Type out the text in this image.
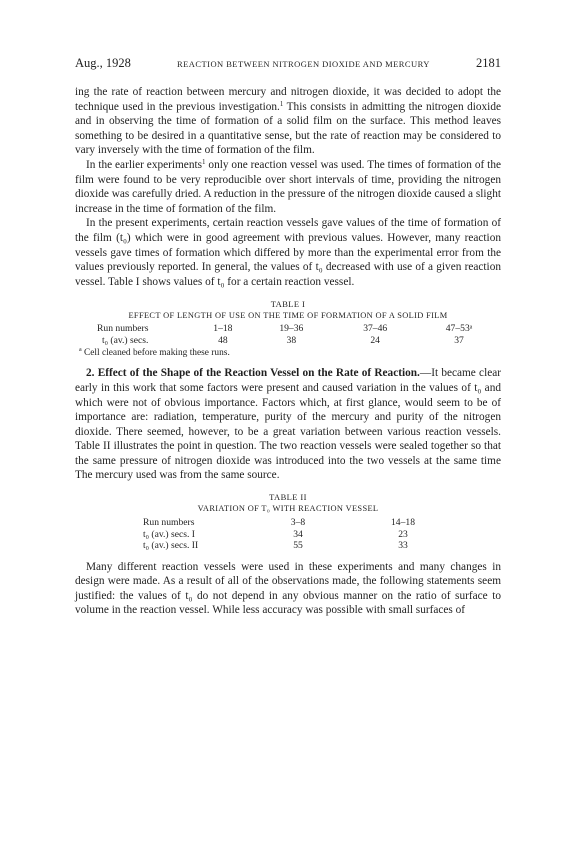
Aug., 1928	REACTION BETWEEN NITROGEN DIOXIDE AND MERCURY	2181

ing the rate of reaction between mercury and nitrogen dioxide, it was decided to adopt the technique used in the previous investigation.$^1$ This consists in admitting the nitrogen dioxide and in observing the time of formation of a solid film on the surface. This method leaves something to be desired in a quantitative sense, but the rate of reaction may be considered to vary inversely with the time of formation of the film.

In the earlier experiments$^1$ only one reaction vessel was used. The times of formation of the film were found to be very reproducible over short intervals of time, providing the nitrogen dioxide was carefully dried. A reduction in the pressure of the nitrogen dioxide caused a slight increase in the time of formation of the film.

In the present experiments, certain reaction vessels gave values of the time of formation of the film (t₀) which were in good agreement with previous values. However, many reaction vessels gave times of formation which differed by more than the experimental error from the values previously reported. In general, the values of t₀ decreased with use of a given reaction vessel. Table I shows values of t₀ for a certain reaction vessel.

TABLE I
EFFECT OF LENGTH OF USE ON THE TIME OF FORMATION OF A SOLID FILM
Run numbers	1–18	19–36	37–46	47–53ᵃ
t₀ (av.) secs.	48	38	24	37
$^a$ Cell cleaned before making these runs.

2. Effect of the Shape of the Reaction Vessel on the Rate of Reaction.—It became clear early in this work that some factors were present and caused variation in the values of t₀ and which were not of obvious importance. Factors which, at first glance, would seem to be of importance are: radiation, temperature, purity of the mercury and purity of the nitrogen dioxide. There seemed, however, to be a great variation between various reaction vessels. Table II illustrates the point in question. The two reaction vessels were sealed together so that the same pressure of nitrogen dioxide was introduced into the two vessels at the same time The mercury used was from the same source.

TABLE II
VARIATION OF T₀ WITH REACTION VESSEL
Run numbers	3–8	14–18
t₀ (av.) secs. I	34	23
t₀ (av.) secs. II	55	33

Many different reaction vessels were used in these experiments and many changes in design were made. As a result of all of the observations made, the following statements seem justified: the values of t₀ do not depend in any obvious manner on the ratio of surface to volume in the reaction vessel. While less accuracy was possible with small surfaces of
